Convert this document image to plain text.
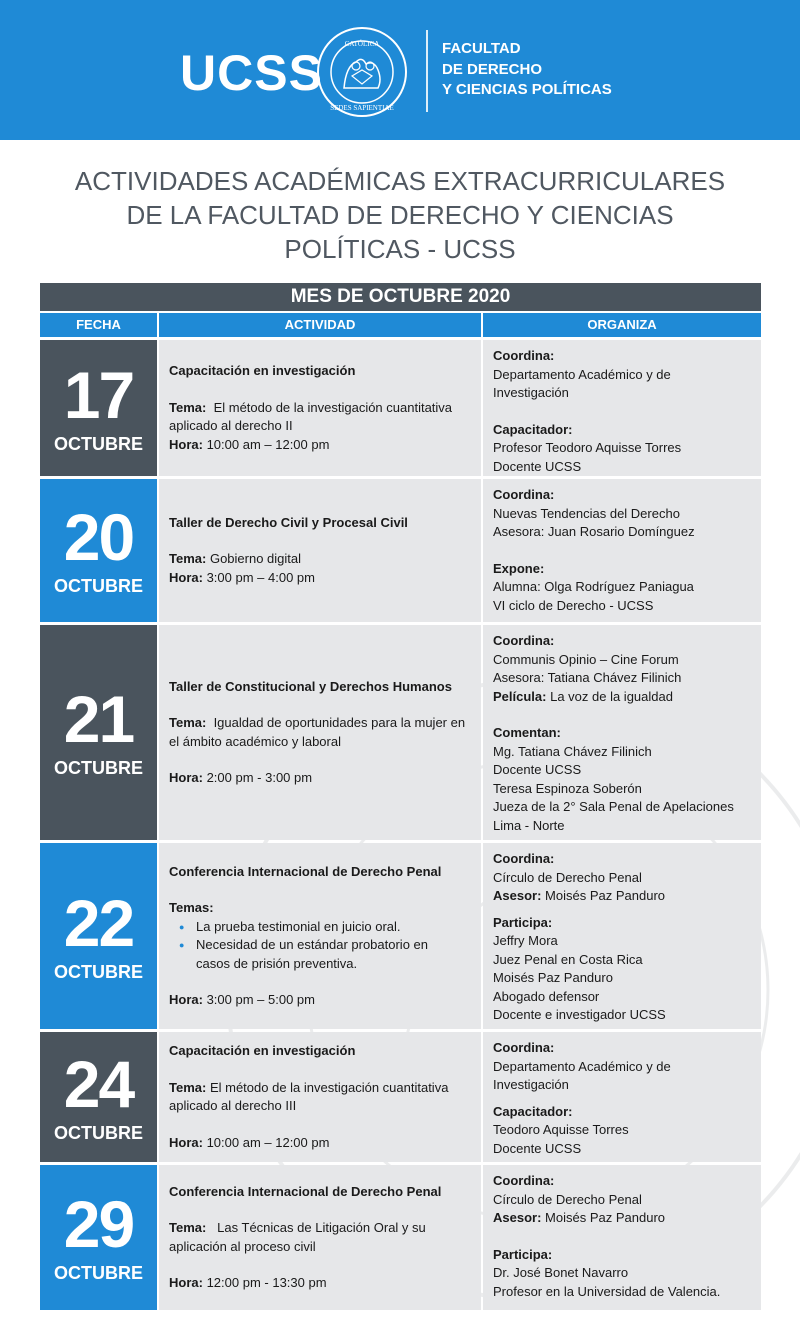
UCSS
CATÓLICA
SEDES SAPIENTIAE
FACULTAD
DE DERECHO
Y CIENCIAS POLÍTICAS
ACTIVIDADES ACADÉMICAS EXTRACURRICULARES
DE LA FACULTAD DE DERECHO Y CIENCIAS
POLÍTICAS - UCSS
MES DE OCTUBRE 2020
FECHA	ACTIVIDAD	ORGANIZA
17
OCTUBRE
Capacitación en investigación
Tema: El método de la investigación cuantitativa aplicado al derecho II
Hora: 10:00 am – 12:00 pm
Coordina:
Departamento Académico y de Investigación
Capacitador:
Profesor Teodoro Aquisse Torres
Docente UCSS
20
OCTUBRE
Taller de Derecho Civil y Procesal Civil
Tema: Gobierno digital
Hora: 3:00 pm – 4:00 pm
Coordina:
Nuevas Tendencias del Derecho
Asesora: Juan Rosario Domínguez
Expone:
Alumna: Olga Rodríguez Paniagua
VI ciclo de Derecho - UCSS
21
OCTUBRE
Taller de Constitucional y Derechos Humanos
Tema: Igualdad de oportunidades para la mujer en el ámbito académico y laboral
Hora: 2:00 pm - 3:00 pm
Coordina:
Communis Opinio – Cine Forum
Asesora: Tatiana Chávez Filinich
Película: La voz de la igualdad
Comentan:
Mg. Tatiana Chávez Filinich
Docente UCSS
Teresa Espinoza Soberón
Jueza de la 2° Sala Penal de Apelaciones
Lima - Norte
22
OCTUBRE
Conferencia Internacional de Derecho Penal
Temas:
● La prueba testimonial en juicio oral.
● Necesidad de un estándar probatorio en casos de prisión preventiva.
Hora: 3:00 pm – 5:00 pm
Coordina:
Círculo de Derecho Penal
Asesor: Moisés Paz Panduro
Participa:
Jeffry Mora
Juez Penal en Costa Rica
Moisés Paz Panduro
Abogado defensor
Docente e investigador UCSS
24
OCTUBRE
Capacitación en investigación
Tema: El método de la investigación cuantitativa aplicado al derecho III
Hora: 10:00 am – 12:00 pm
Coordina:
Departamento Académico y de Investigación
Capacitador:
Teodoro Aquisse Torres
Docente UCSS
29
OCTUBRE
Conferencia Internacional de Derecho Penal
Tema: Las Técnicas de Litigación Oral y su aplicación al proceso civil
Hora: 12:00 pm - 13:30 pm
Coordina:
Círculo de Derecho Penal
Asesor: Moisés Paz Panduro
Participa:
Dr. José Bonet Navarro
Profesor en la Universidad de Valencia.
